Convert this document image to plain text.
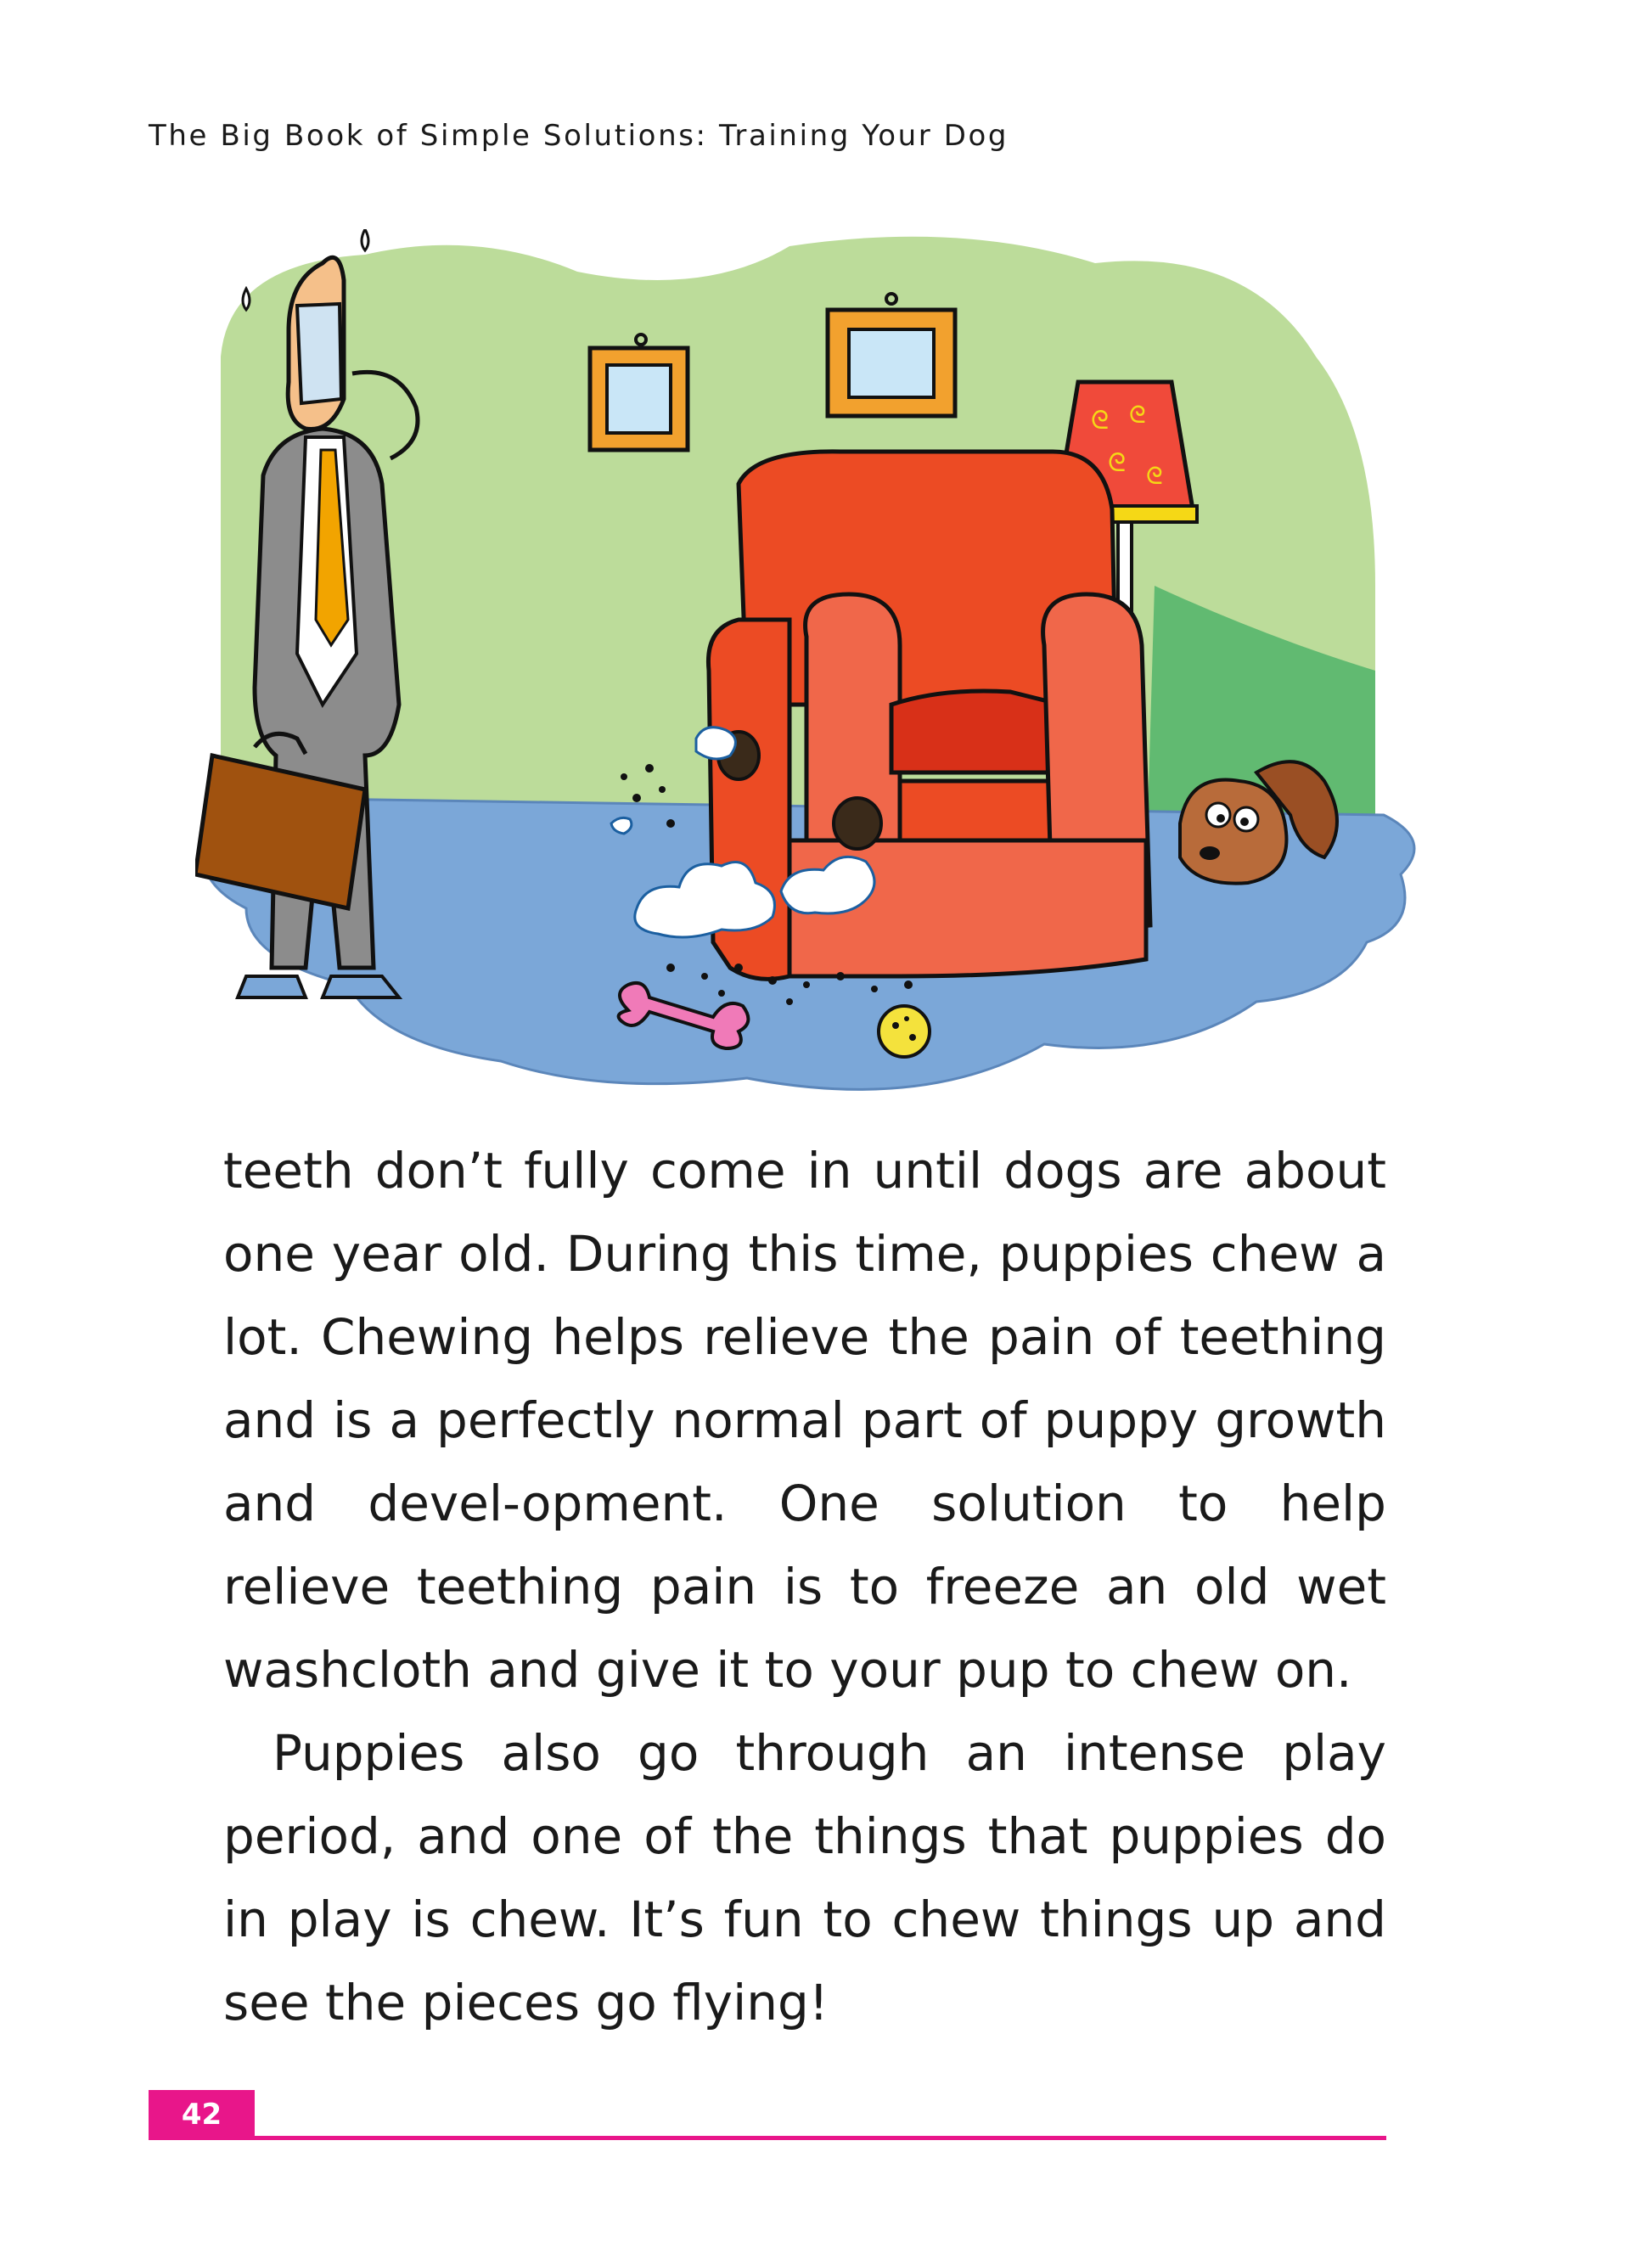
The Big Book of Simple Solutions: Training Your Dog
ᘓ ᘓ
ᘓ ᘓ

teeth don’t fully come in until dogs are about one year old. During this time, puppies chew a lot. Chewing helps relieve the pain of teething and is a perfectly normal part of puppy growth and devel-opment. One solution to help relieve teething pain is to freeze an old wet washcloth and give it to your pup to chew on.

Puppies also go through an intense play period, and one of the things that puppies do in play is chew. It’s fun to chew things up and see the pieces go flying!

42
